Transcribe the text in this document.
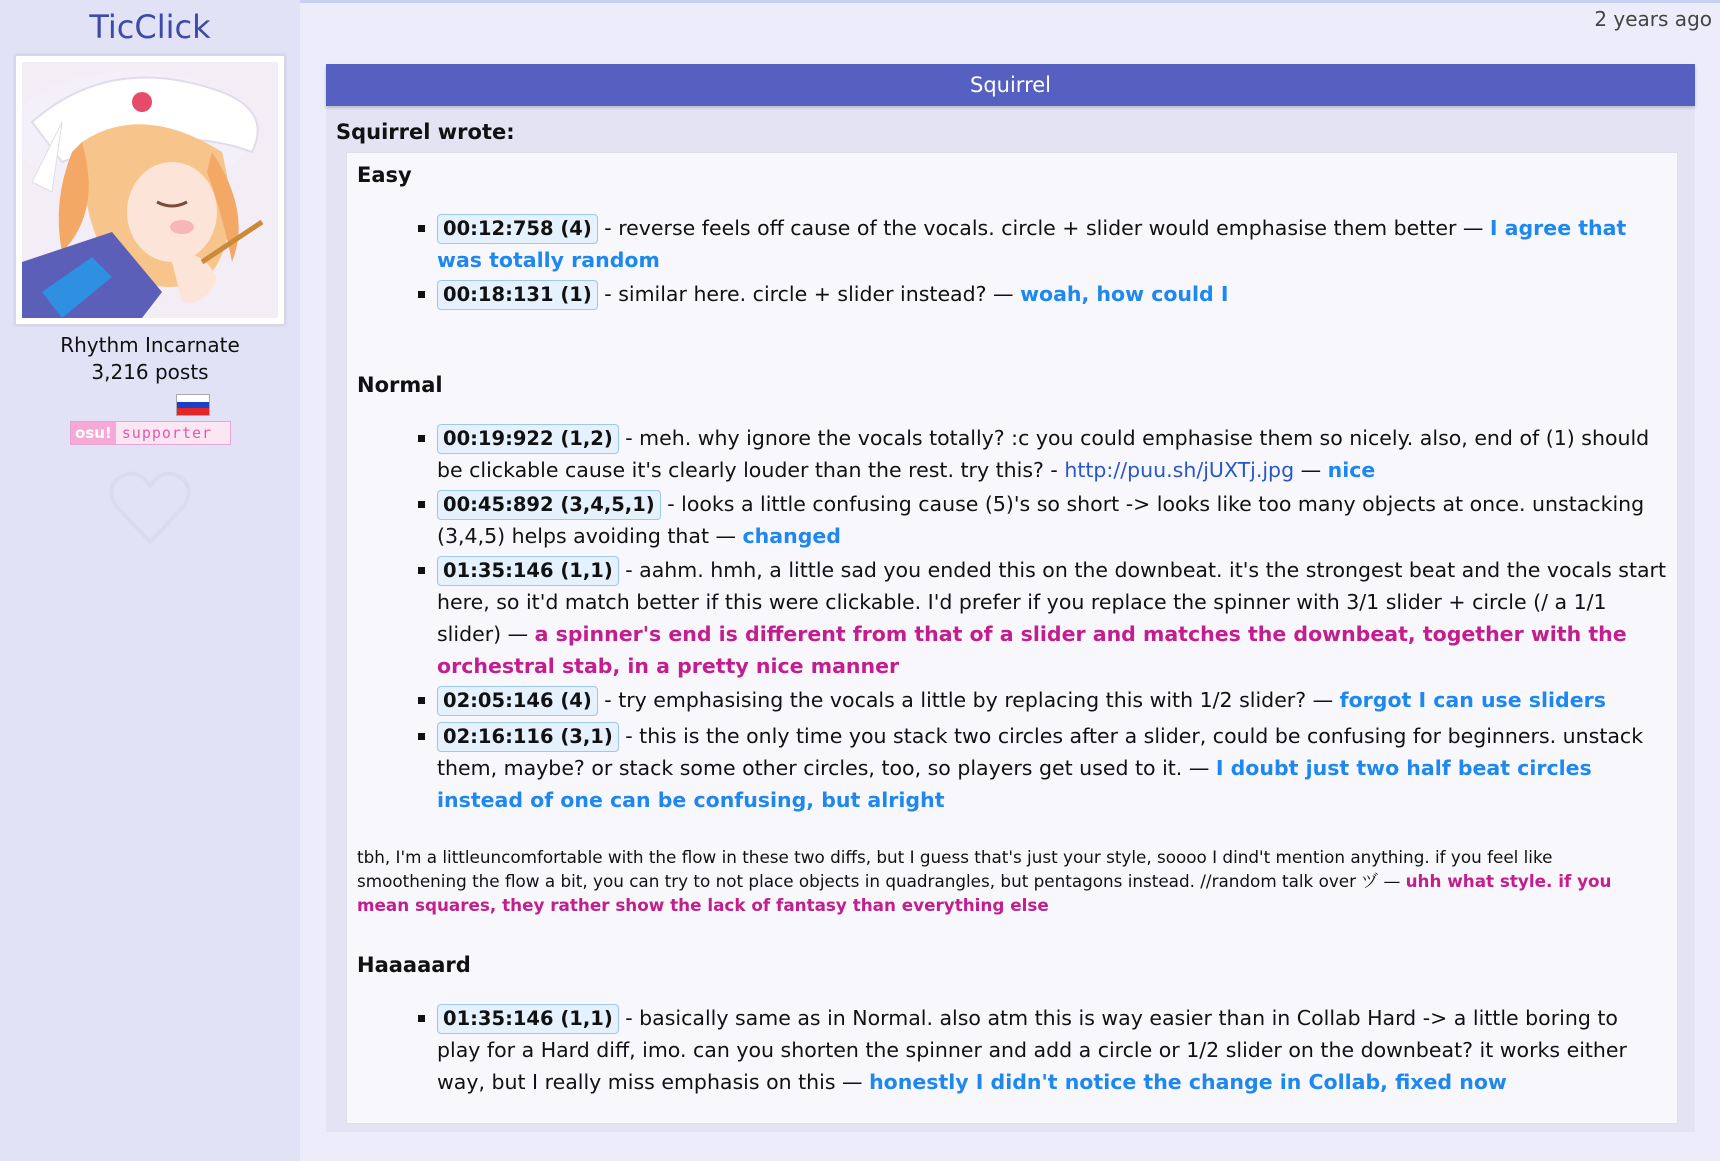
TicClick
Rhythm Incarnate
3,216 posts
osu! supporter
2 years ago
Squirrel
Squirrel wrote:
Easy
00:12:758 (4) - reverse feels off cause of the vocals. circle + slider would emphasise them better — I agree that was totally random
00:18:131 (1) - similar here. circle + slider instead? — woah, how could I
Normal
00:19:922 (1,2) - meh. why ignore the vocals totally? :c you could emphasise them so nicely. also, end of (1) should be clickable cause it's clearly louder than the rest. try this? - http://puu.sh/jUXTj.jpg — nice
00:45:892 (3,4,5,1) - looks a little confusing cause (5)'s so short -> looks like too many objects at once. unstacking (3,4,5) helps avoiding that — changed
01:35:146 (1,1) - aahm. hmh, a little sad you ended this on the downbeat. it's the strongest beat and the vocals start here, so it'd match better if this were clickable. I'd prefer if you replace the spinner with 3/1 slider + circle (/ a 1/1 slider) — a spinner's end is different from that of a slider and matches the downbeat, together with the orchestral stab, in a pretty nice manner
02:05:146 (4) - try emphasising the vocals a little by replacing this with 1/2 slider? — forgot I can use sliders
02:16:116 (3,1) - this is the only time you stack two circles after a slider, could be confusing for beginners. unstack them, maybe? or stack some other circles, too, so players get used to it. — I doubt just two half beat circles instead of one can be confusing, but alright
tbh, I'm a littleuncomfortable with the flow in these two diffs, but I guess that's just your style, soooo I dind't mention anything. if you feel like smoothening the flow a bit, you can try to not place objects in quadrangles, but pentagons instead. //random talk over ヅ — uhh what style. if you mean squares, they rather show the lack of fantasy than everything else
Haaaaard
01:35:146 (1,1) - basically same as in Normal. also atm this is way easier than in Collab Hard -> a little boring to play for a Hard diff, imo. can you shorten the spinner and add a circle or 1/2 slider on the downbeat? it works either way, but I really miss emphasis on this — honestly I didn't notice the change in Collab, fixed now
